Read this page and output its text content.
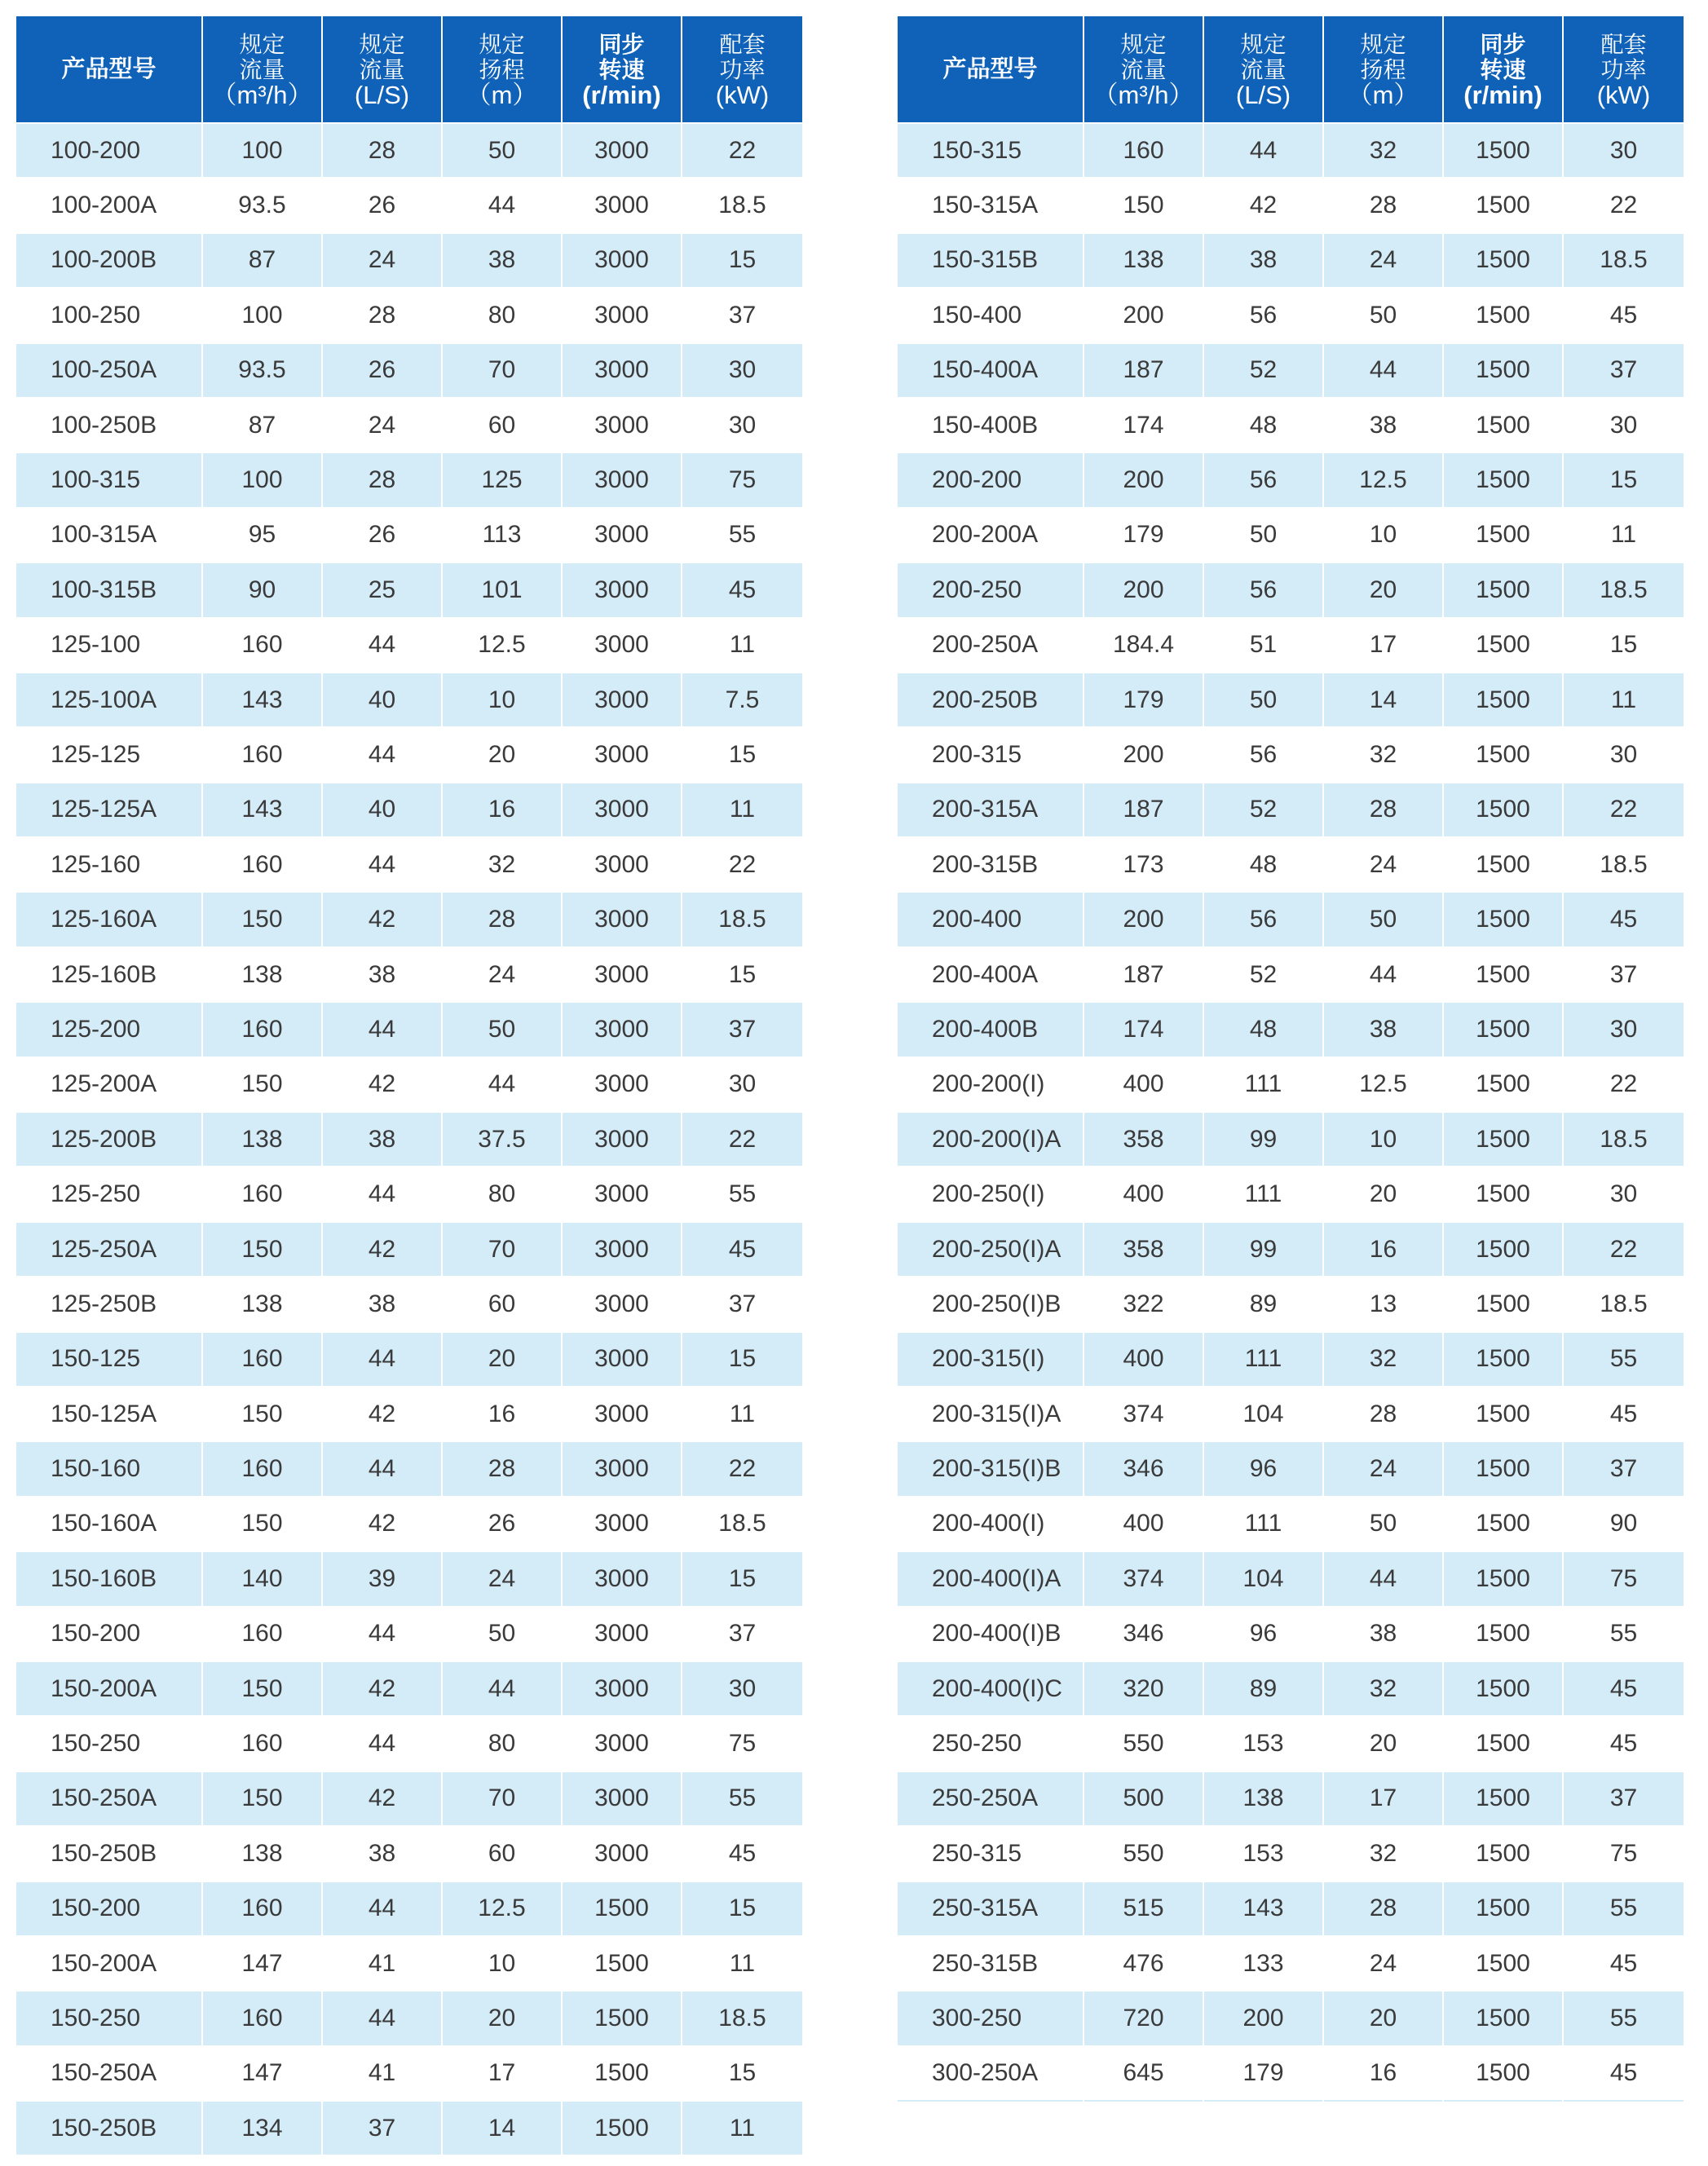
产品型号	规定
流量
（m³/h）	规定
流量
(L/S)	规定
扬程
（m）	同步
转速
(r/min)	配套
功率
(kW)

100-200	100	28	50	3000	22
100-200A	93.5	26	44	3000	18.5
100-200B	87	24	38	3000	15
100-250	100	28	80	3000	37
100-250A	93.5	26	70	3000	30
100-250B	87	24	60	3000	30
100-315	100	28	125	3000	75
100-315A	95	26	113	3000	55
100-315B	90	25	101	3000	45
125-100	160	44	12.5	3000	11
125-100A	143	40	10	3000	7.5
125-125	160	44	20	3000	15
125-125A	143	40	16	3000	11
125-160	160	44	32	3000	22
125-160A	150	42	28	3000	18.5
125-160B	138	38	24	3000	15
125-200	160	44	50	3000	37
125-200A	150	42	44	3000	30
125-200B	138	38	37.5	3000	22
125-250	160	44	80	3000	55
125-250A	150	42	70	3000	45
125-250B	138	38	60	3000	37
150-125	160	44	20	3000	15
150-125A	150	42	16	3000	11
150-160	160	44	28	3000	22
150-160A	150	42	26	3000	18.5
150-160B	140	39	24	3000	15
150-200	160	44	50	3000	37
150-200A	150	42	44	3000	30
150-250	160	44	80	3000	75
150-250A	150	42	70	3000	55
150-250B	138	38	60	3000	45
150-200	160	44	12.5	1500	15
150-200A	147	41	10	1500	11
150-250	160	44	20	1500	18.5
150-250A	147	41	17	1500	15
150-250B	134	37	14	1500	11
产品型号	规定
流量
（m³/h）	规定
流量
(L/S)	规定
扬程
（m）	同步
转速
(r/min)	配套
功率
(kW)

150-315	160	44	32	1500	30
150-315A	150	42	28	1500	22
150-315B	138	38	24	1500	18.5
150-400	200	56	50	1500	45
150-400A	187	52	44	1500	37
150-400B	174	48	38	1500	30
200-200	200	56	12.5	1500	15
200-200A	179	50	10	1500	11
200-250	200	56	20	1500	18.5
200-250A	184.4	51	17	1500	15
200-250B	179	50	14	1500	11
200-315	200	56	32	1500	30
200-315A	187	52	28	1500	22
200-315B	173	48	24	1500	18.5
200-400	200	56	50	1500	45
200-400A	187	52	44	1500	37
200-400B	174	48	38	1500	30
200-200(I)	400	111	12.5	1500	22
200-200(I)A	358	99	10	1500	18.5
200-250(I)	400	111	20	1500	30
200-250(I)A	358	99	16	1500	22
200-250(I)B	322	89	13	1500	18.5
200-315(I)	400	111	32	1500	55
200-315(I)A	374	104	28	1500	45
200-315(I)B	346	96	24	1500	37
200-400(I)	400	111	50	1500	90
200-400(I)A	374	104	44	1500	75
200-400(I)B	346	96	38	1500	55
200-400(I)C	320	89	32	1500	45
250-250	550	153	20	1500	45
250-250A	500	138	17	1500	37
250-315	550	153	32	1500	75
250-315A	515	143	28	1500	55
250-315B	476	133	24	1500	45
300-250	720	200	20	1500	55
300-250A	645	179	16	1500	45
